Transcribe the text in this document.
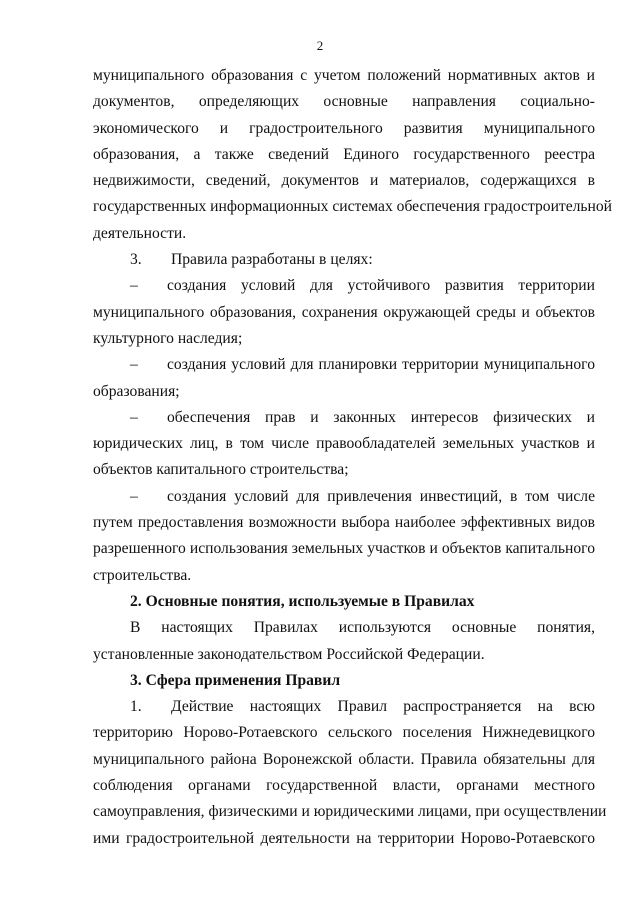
2
муниципального образования с учетом положений нормативных актов и
документов, определяющих основные направления социально-
экономического и градостроительного развития муниципального
образования, а также сведений Единого государственного реестра
недвижимости, сведений, документов и материалов, содержащихся в
государственных информационных системах обеспечения градостроительной
деятельности.
3. Правила разработаны в целях:
–	создания условий для устойчивого развития территории
муниципального образования, сохранения окружающей среды и объектов
культурного наследия;
–	создания условий для планировки территории муниципального
образования;
–	обеспечения прав и законных интересов физических и
юридических лиц, в том числе правообладателей земельных участков и
объектов капитального строительства;
–	создания условий для привлечения инвестиций, в том числе
путем предоставления возможности выбора наиболее эффективных видов
разрешенного использования земельных участков и объектов капитального
строительства.
2. Основные понятия, используемые в Правилах
В настоящих Правилах используются основные понятия,
установленные законодательством Российской Федерации.
3. Сфера применения Правил
1.	Действие настоящих Правил распространяется на всю
территорию Норово-Ротаевского сельского поселения Нижнедевицкого
муниципального района Воронежской области. Правила обязательны для
соблюдения органами государственной власти, органами местного
самоуправления, физическими и юридическими лицами, при осуществлении
ими градостроительной деятельности на территории Норово-Ротаевского
